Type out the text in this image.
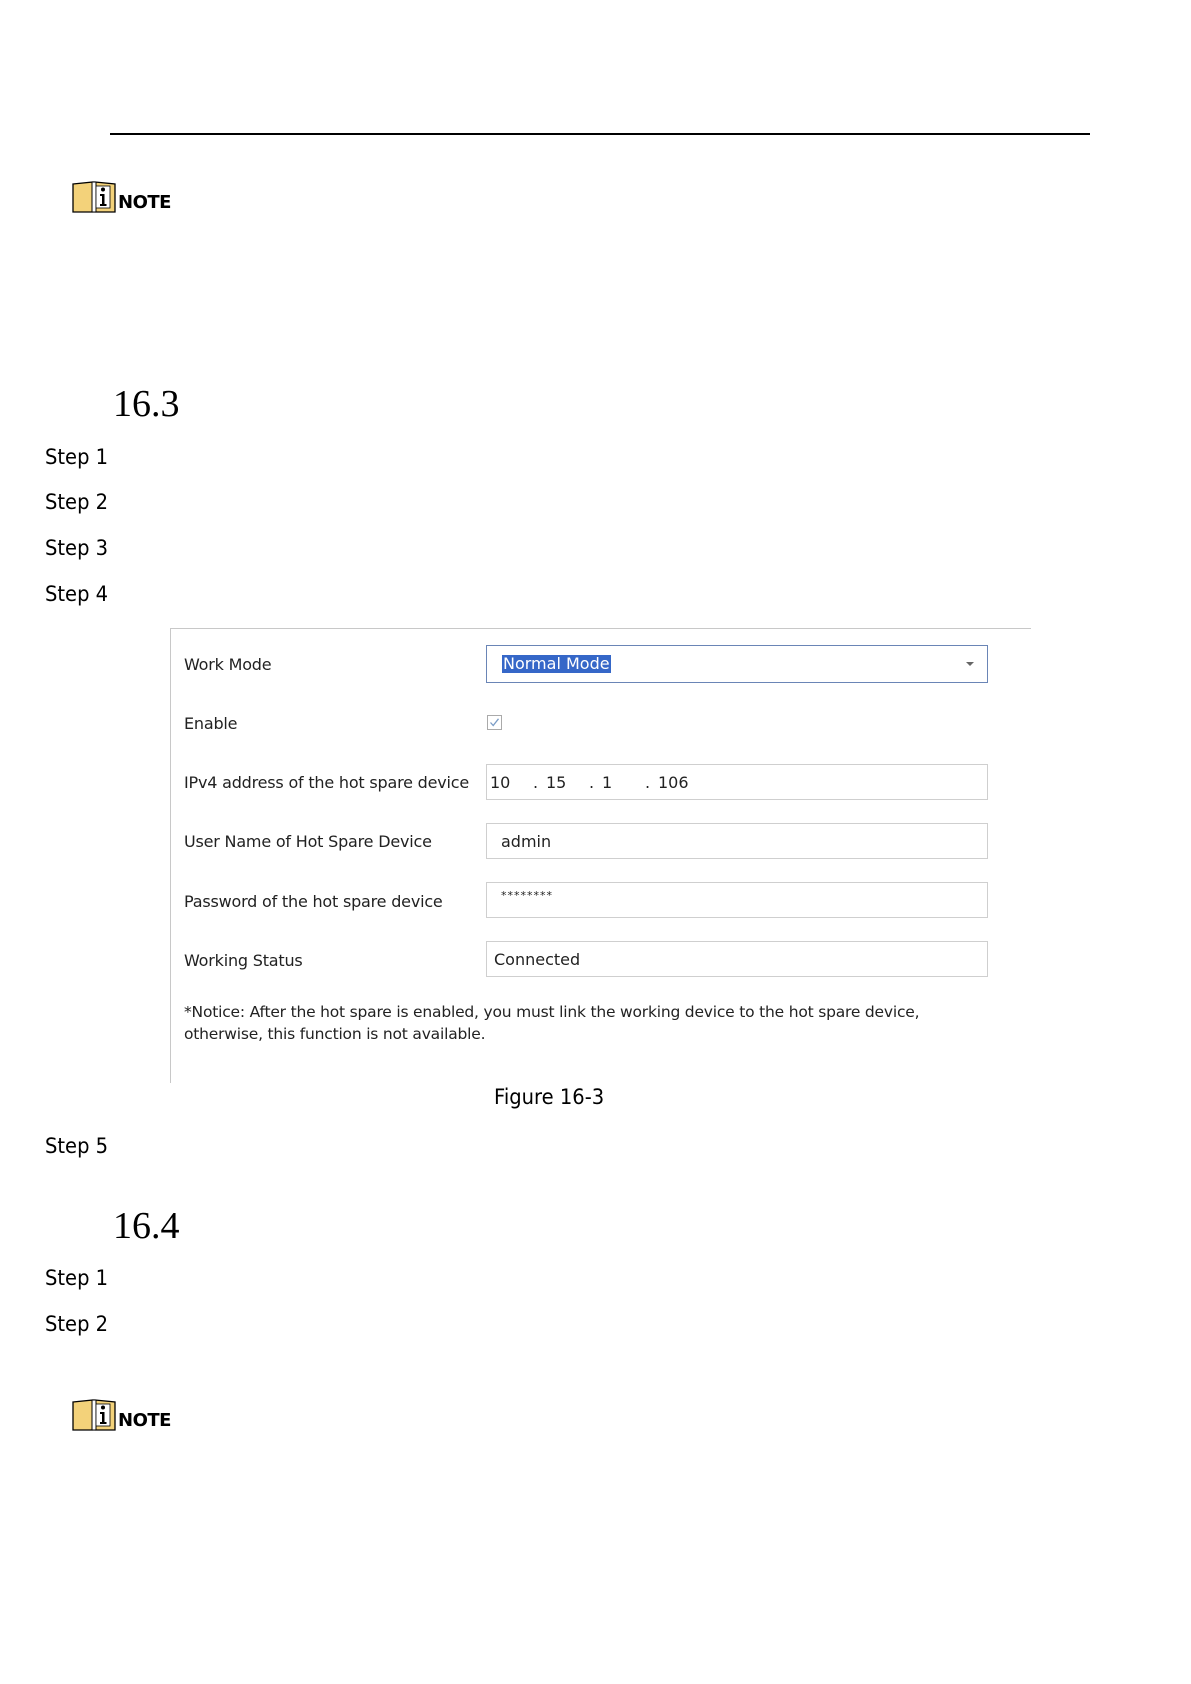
NOTE
16.3
Step 1
Step 2
Step 3
Step 4
Work Mode	Normal Mode
Enable
IPv4 address of the hot spare device 10 . 15 . 1 . 106
User Name of Hot Spare Device	admin
Password of the hot spare device	********
Working Status	Connected
*Notice: After the hot spare is enabled, you must link the working device to the hot spare device,
otherwise, this function is not available.
Figure 16-3
Step 5
16.4
Step 1
Step 2
NOTE
